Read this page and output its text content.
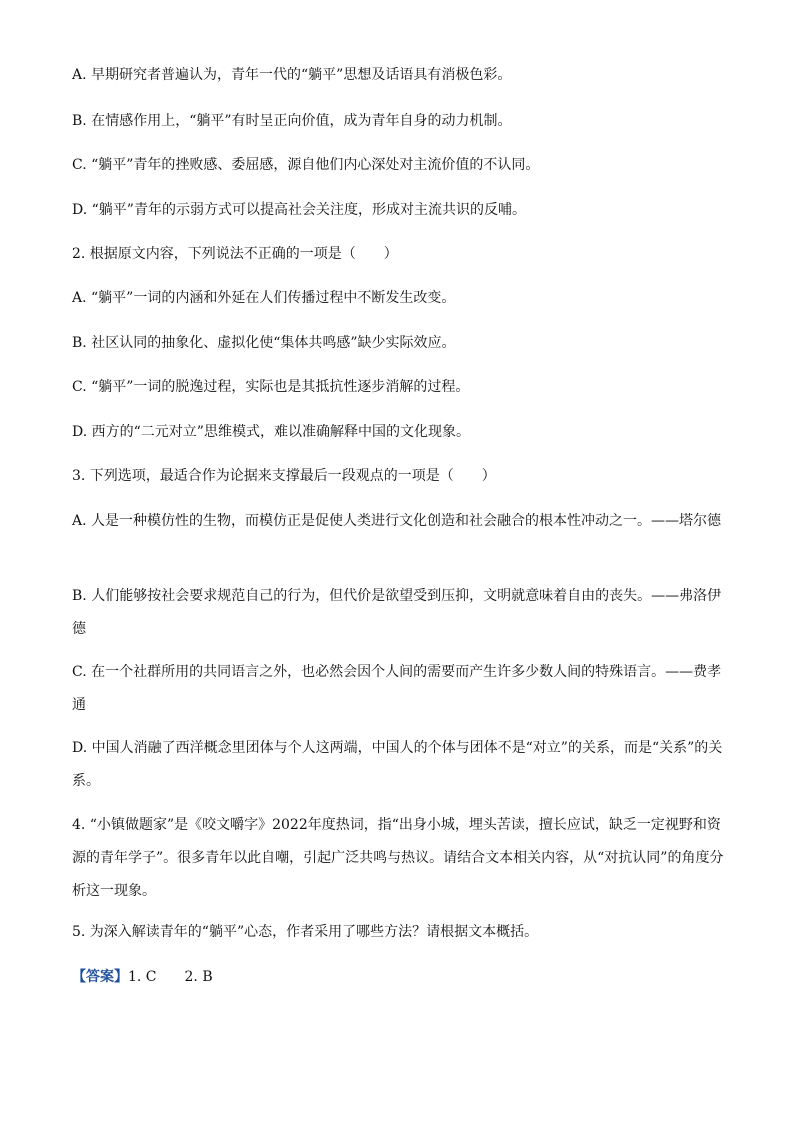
A. 早期研究者普遍认为，青年一代的“躺平”思想及话语具有消极色彩。
B. 在情感作用上，“躺平”有时呈正向价值，成为青年自身的动力机制。
C. “躺平”青年的挫败感、委屈感，源自他们内心深处对主流价值的不认同。
D. “躺平”青年的示弱方式可以提高社会关注度，形成对主流共识的反哺。
2. 根据原文内容，下列说法不正确的一项是（　　）
A. “躺平”一词的内涵和外延在人们传播过程中不断发生改变。
B. 社区认同的抽象化、虚拟化使“集体共鸣感”缺少实际效应。
C. “躺平”一词的脱逸过程，实际也是其抵抗性逐步消解的过程。
D. 西方的“二元对立”思维模式，难以准确解释中国的文化现象。
3. 下列选项，最适合作为论据来支撑最后一段观点的一项是（　　）
A. 人是一种模仿性的生物，而模仿正是促使人类进行文化创造和社会融合的根本性冲动之一。——塔尔德
B. 人们能够按社会要求规范自己的行为，但代价是欲望受到压抑，文明就意味着自由的丧失。——弗洛伊德
C. 在一个社群所用的共同语言之外，也必然会因个人间的需要而产生许多少数人间的特殊语言。——费孝通
D. 中国人消融了西洋概念里团体与个人这两端，中国人的个体与团体不是“对立”的关系，而是“关系”的关系。
4. “小镇做题家”是《咬文嚼字》2022年度热词，指“出身小城，埋头苦读，擅长应试，缺乏一定视野和资源的青年学子”。很多青年以此自嘲，引起广泛共鸣与热议。请结合文本相关内容，从“对抗认同”的角度分析这一现象。
5. 为深入解读青年的“躺平”心态，作者采用了哪些方法？请根据文本概括。
【答案】1. C　　2. B
